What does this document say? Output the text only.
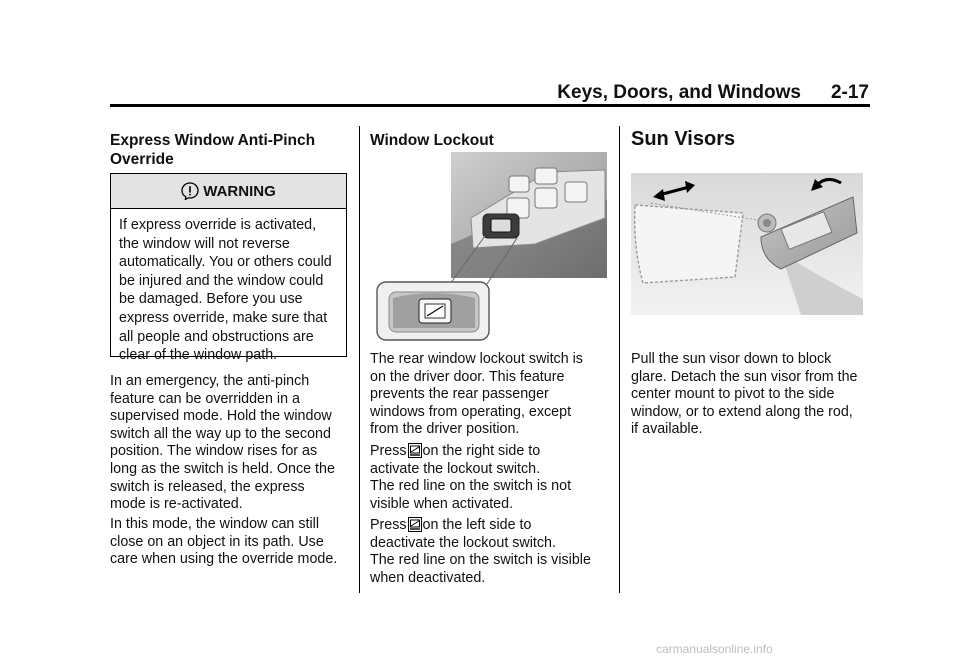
Keys, Doors, and Windows 2-17
Express Window Anti-Pinch
Override
WARNING

If express override is activated,
the window will not reverse
automatically. You or others could
be injured and the window could
be damaged. Before you use
express override, make sure that
all people and obstructions are
clear of the window path.

In an emergency, the anti-pinch
feature can be overridden in a
supervised mode. Hold the window
switch all the way up to the second
position. The window rises for as
long as the switch is held. Once the
switch is released, the express
mode is re-activated.

In this mode, the window can still
close on an object in its path. Use
care when using the override mode.

Window Lockout

The rear window lockout switch is
on the driver door. This feature
prevents the rear passenger
windows from operating, except
from the driver position.

Press on the right side to
activate the lockout switch.
The red line on the switch is not
visible when activated.

Press on the left side to
deactivate the lockout switch.
The red line on the switch is visible
when deactivated.

Sun Visors

Pull the sun visor down to block
glare. Detach the sun visor from the
center mount to pivot to the side
window, or to extend along the rod,
if available.

carmanualsonline.info
